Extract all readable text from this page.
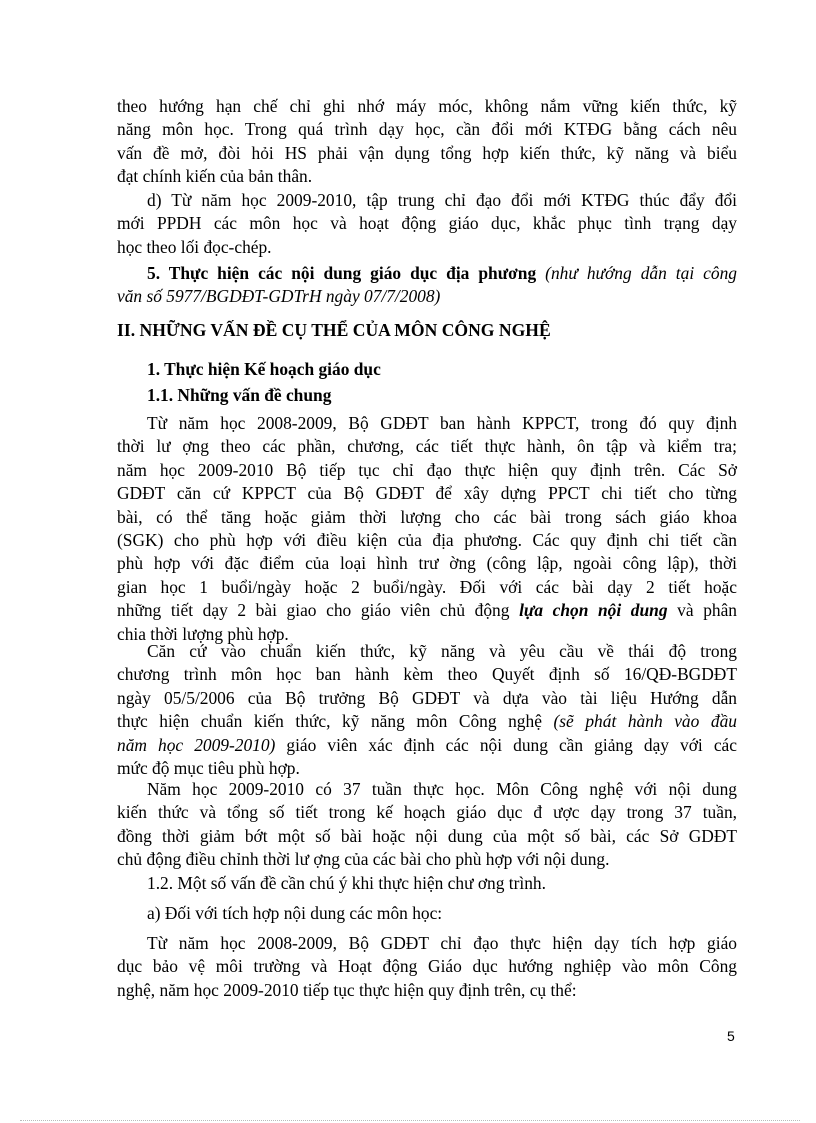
theo hướng hạn chế chỉ ghi nhớ máy móc, không nắm vững kiến thức, kỹ
năng môn học. Trong quá trình dạy học, cần đổi mới KTĐG bằng cách nêu
vấn đề mở, đòi hỏi HS phải vận dụng tổng hợp kiến thức, kỹ năng và biểu
đạt chính kiến của bản thân.
d) Từ năm học 2009-2010, tập trung chỉ đạo đổi mới KTĐG thúc đẩy đổi
mới PPDH các môn học và hoạt động giáo dục, khắc phục tình trạng dạy
học theo lối đọc-chép.
5. Thực hiện các nội dung giáo dục địa phương (như hướng dẫn tại công
văn số 5977/BGDĐT-GDTrH ngày 07/7/2008)
II. NHỮNG VẤN ĐỀ CỤ THỂ CỦA MÔN CÔNG NGHỆ
1. Thực hiện Kế hoạch giáo dục
1.1. Những vấn đề chung
Từ năm học 2008-2009, Bộ GDĐT ban hành KPPCT, trong đó quy định
thời lư ợng theo các phần, chương, các tiết thực hành, ôn tập và kiểm tra;
năm học 2009-2010 Bộ tiếp tục chỉ đạo thực hiện quy định trên. Các Sở
GDĐT căn cứ KPPCT của Bộ GDĐT để xây dựng PPCT chi tiết cho từng
bài, có thể tăng hoặc giảm thời lượng cho các bài trong sách giáo khoa
(SGK) cho phù hợp với điều kiện của địa phương. Các quy định chi tiết cần
phù hợp với đặc điểm của loại hình trư ờng (công lập, ngoài công lập), thời
gian học 1 buổi/ngày hoặc 2 buổi/ngày. Đối với các bài dạy 2 tiết hoặc
những tiết dạy 2 bài giao cho giáo viên chủ động lựa chọn nội dung và phân
chia thời lượng phù hợp.
Căn cứ vào chuẩn kiến thức, kỹ năng và yêu cầu về thái độ trong
chương trình môn học ban hành kèm theo Quyết định số 16/QĐ-BGDĐT
ngày 05/5/2006 của Bộ trưởng Bộ GDĐT và dựa vào tài liệu Hướng dẫn
thực hiện chuẩn kiến thức, kỹ năng môn Công nghệ (sẽ phát hành vào đầu
năm học 2009-2010) giáo viên xác định các nội dung cần giảng dạy với các
mức độ mục tiêu phù hợp.
Năm học 2009-2010 có 37 tuần thực học. Môn Công nghệ với nội dung
kiến thức và tổng số tiết trong kế hoạch giáo dục đ ược dạy trong 37 tuần,
đồng thời giảm bớt một số bài hoặc nội dung của một số bài, các Sở GDĐT
chủ động điều chỉnh thời lư ợng của các bài cho phù hợp với nội dung.
1.2. Một số vấn đề cần chú ý khi thực hiện chư ơng trình.
a) Đối với tích hợp nội dung các môn học:
Từ năm học 2008-2009, Bộ GDĐT chỉ đạo thực hiện dạy tích hợp giáo
dục bảo vệ môi trường và Hoạt động Giáo dục hướng nghiệp vào môn Công
nghệ, năm học 2009-2010 tiếp tục thực hiện quy định trên, cụ thể:
5
